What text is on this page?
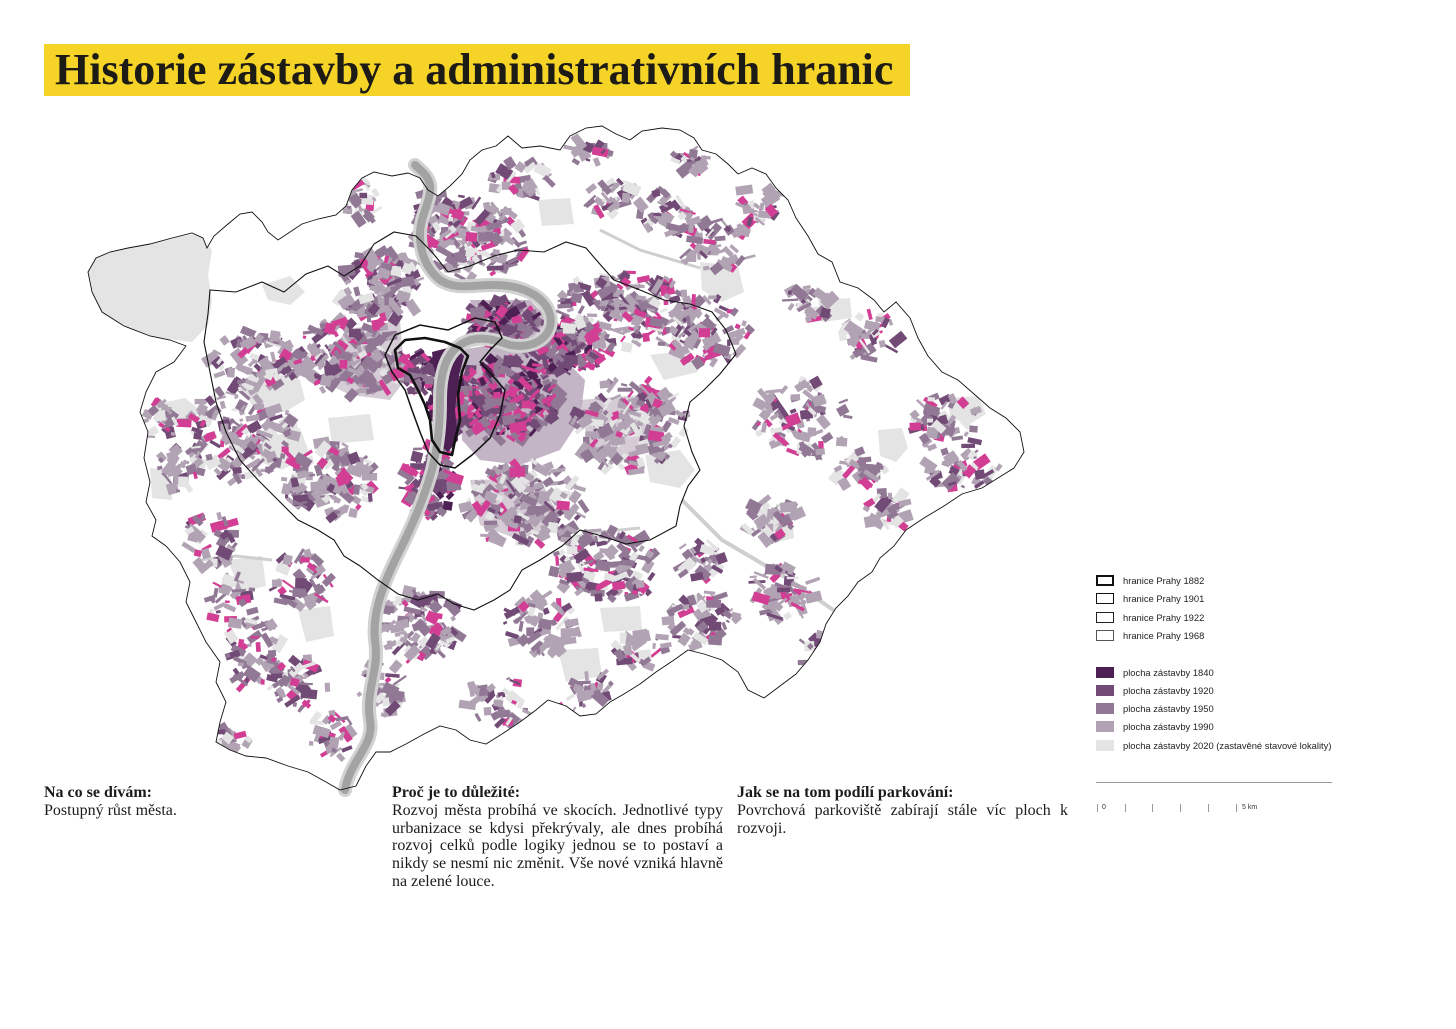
Historie zástavby a administrativních hranic
hranice Prahy 1882
hranice Prahy 1901
hranice Prahy 1922
hranice Prahy 1968
plocha zástavby 1840
plocha zástavby 1920
plocha zástavby 1950
plocha zástavby 1990
plocha zástavby 2020 (zastavěné stavové lokality)
0	5 km
Na co se dívám:

Postupný růst města.

Proč je to důležité:

Rozvoj města probíhá ve skocích. Jednotlivé typy urbanizace se kdysi překrývaly, ale dnes probíhá rozvoj celků podle logiky jednou se to postaví a nikdy se nesmí nic změnit. Vše nové vzniká hlavně na zelené louce.

Jak se na tom podílí parkování:

Povrchová parkoviště zabírají stále víc ploch k rozvoji.
